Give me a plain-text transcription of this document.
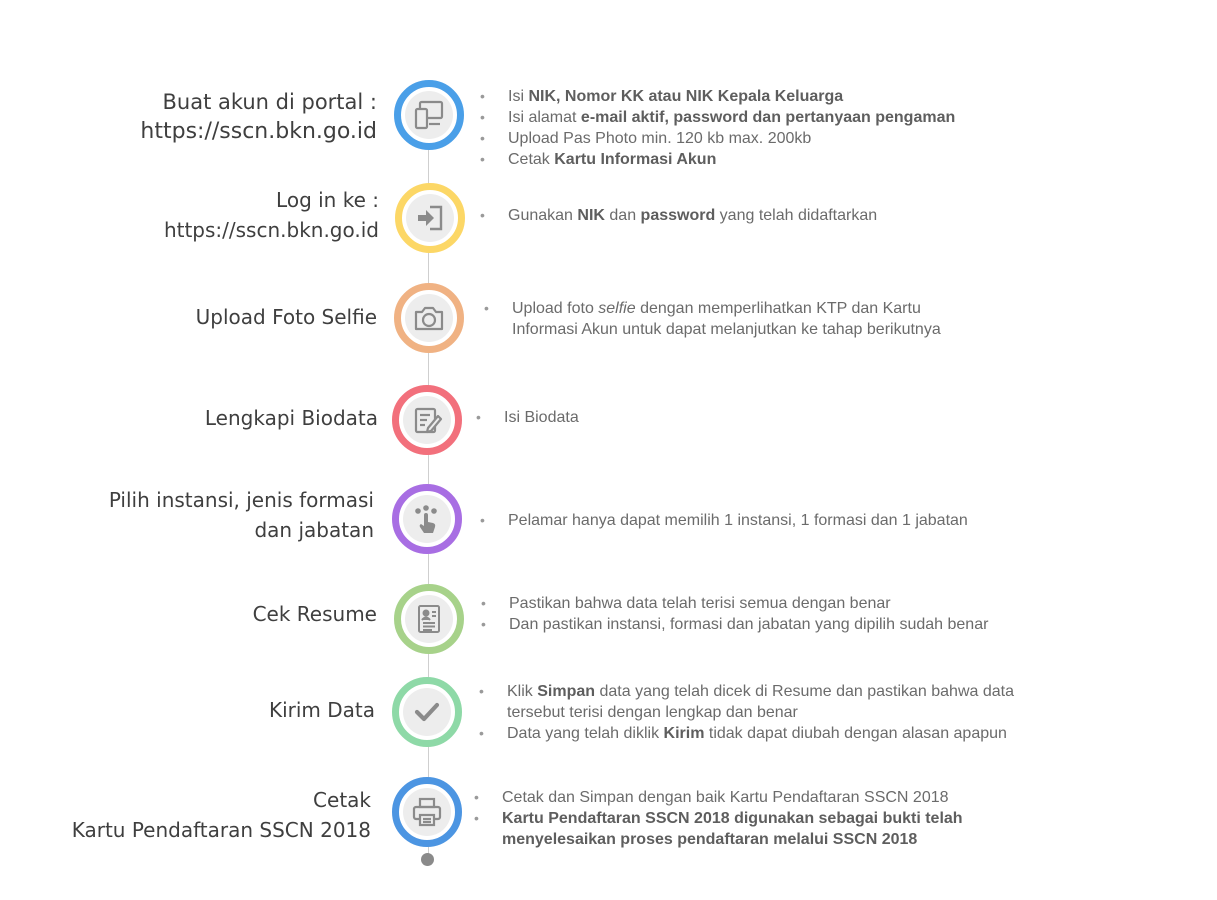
Buat akun di portal :
https://sscn.bkn.go.id
• Isi NIK, Nomor KK atau NIK Kepala Keluarga
• Isi alamat e-mail aktif, password dan pertanyaan pengaman
• Upload Pas Photo min. 120 kb max. 200kb
• Cetak Kartu Informasi Akun
Log in ke :
https://sscn.bkn.go.id
• Gunakan NIK dan password yang telah didaftarkan
Upload Foto Selfie	• Upload foto selfie dengan memperlihatkan KTP dan Kartu
Informasi Akun untuk dapat melanjutkan ke tahap berikutnya
Lengkapi Biodata	• Isi Biodata
Pilih instansi, jenis formasi
dan jabatan	• Pelamar hanya dapat memilih 1 instansi, 1 formasi dan 1 jabatan
Cek Resume	• Pastikan bahwa data telah terisi semua dengan benar
• Dan pastikan instansi, formasi dan jabatan yang dipilih sudah benar
Kirim Data
• Klik Simpan data yang telah dicek di Resume dan pastikan bahwa data
tersebut terisi dengan lengkap dan benar
• Data yang telah diklik Kirim tidak dapat diubah dengan alasan apapun
Cetak
Kartu Pendaftaran SSCN 2018
• Cetak dan Simpan dengan baik Kartu Pendaftaran SSCN 2018
• Kartu Pendaftaran SSCN 2018 digunakan sebagai bukti telah
menyelesaikan proses pendaftaran melalui SSCN 2018
